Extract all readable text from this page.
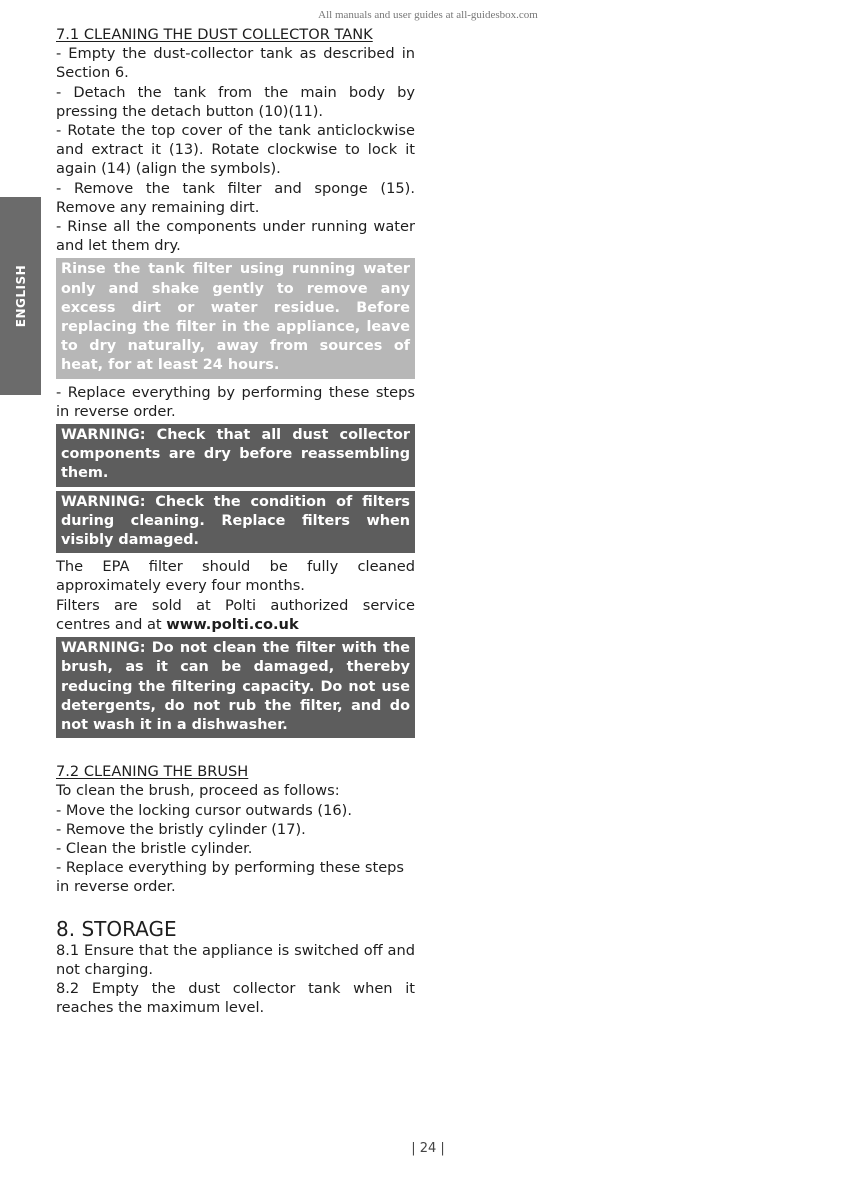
All manuals and user guides at all-guidesbox.com
ENGLISH
7.1 CLEANING THE DUST COLLECTOR TANK

- Empty the dust-collector tank as described in Section 6.

- Detach the tank from the main body by pressing the detach button (10)(11).

- Rotate the top cover of the tank anticlockwise and extract it (13). Rotate clockwise to lock it again (14) (align the symbols).

- Remove the tank filter and sponge (15). Remove any remaining dirt.

- Rinse all the components under running water and let them dry.

Rinse the tank filter using running water only and shake gently to remove any excess dirt or water residue. Before replacing the filter in the appliance, leave to dry naturally, away from sources of heat, for at least 24 hours.

- Replace everything by performing these steps in reverse order.

WARNING: Check that all dust collector components are dry before reassembling them.
WARNING: Check the condition of filters during cleaning. Replace filters when visibly damaged.

The EPA filter should be fully cleaned approximately every four months.

Filters are sold at Polti authorized service centres and at www.polti.co.uk

WARNING: Do not clean the filter with the brush, as it can be damaged, thereby reducing the filtering capacity. Do not use detergents, do not rub the filter, and do not wash it in a dishwasher.
7.2 CLEANING THE BRUSH

To clean the brush, proceed as follows:

- Move the locking cursor outwards (16).

- Remove the bristly cylinder (17).

- Clean the bristle cylinder.

- Replace everything by performing these steps in reverse order.

8. STORAGE

8.1 Ensure that the appliance is switched off and not charging.

8.2 Empty the dust collector tank when it reaches the maximum level.

| 24 |
